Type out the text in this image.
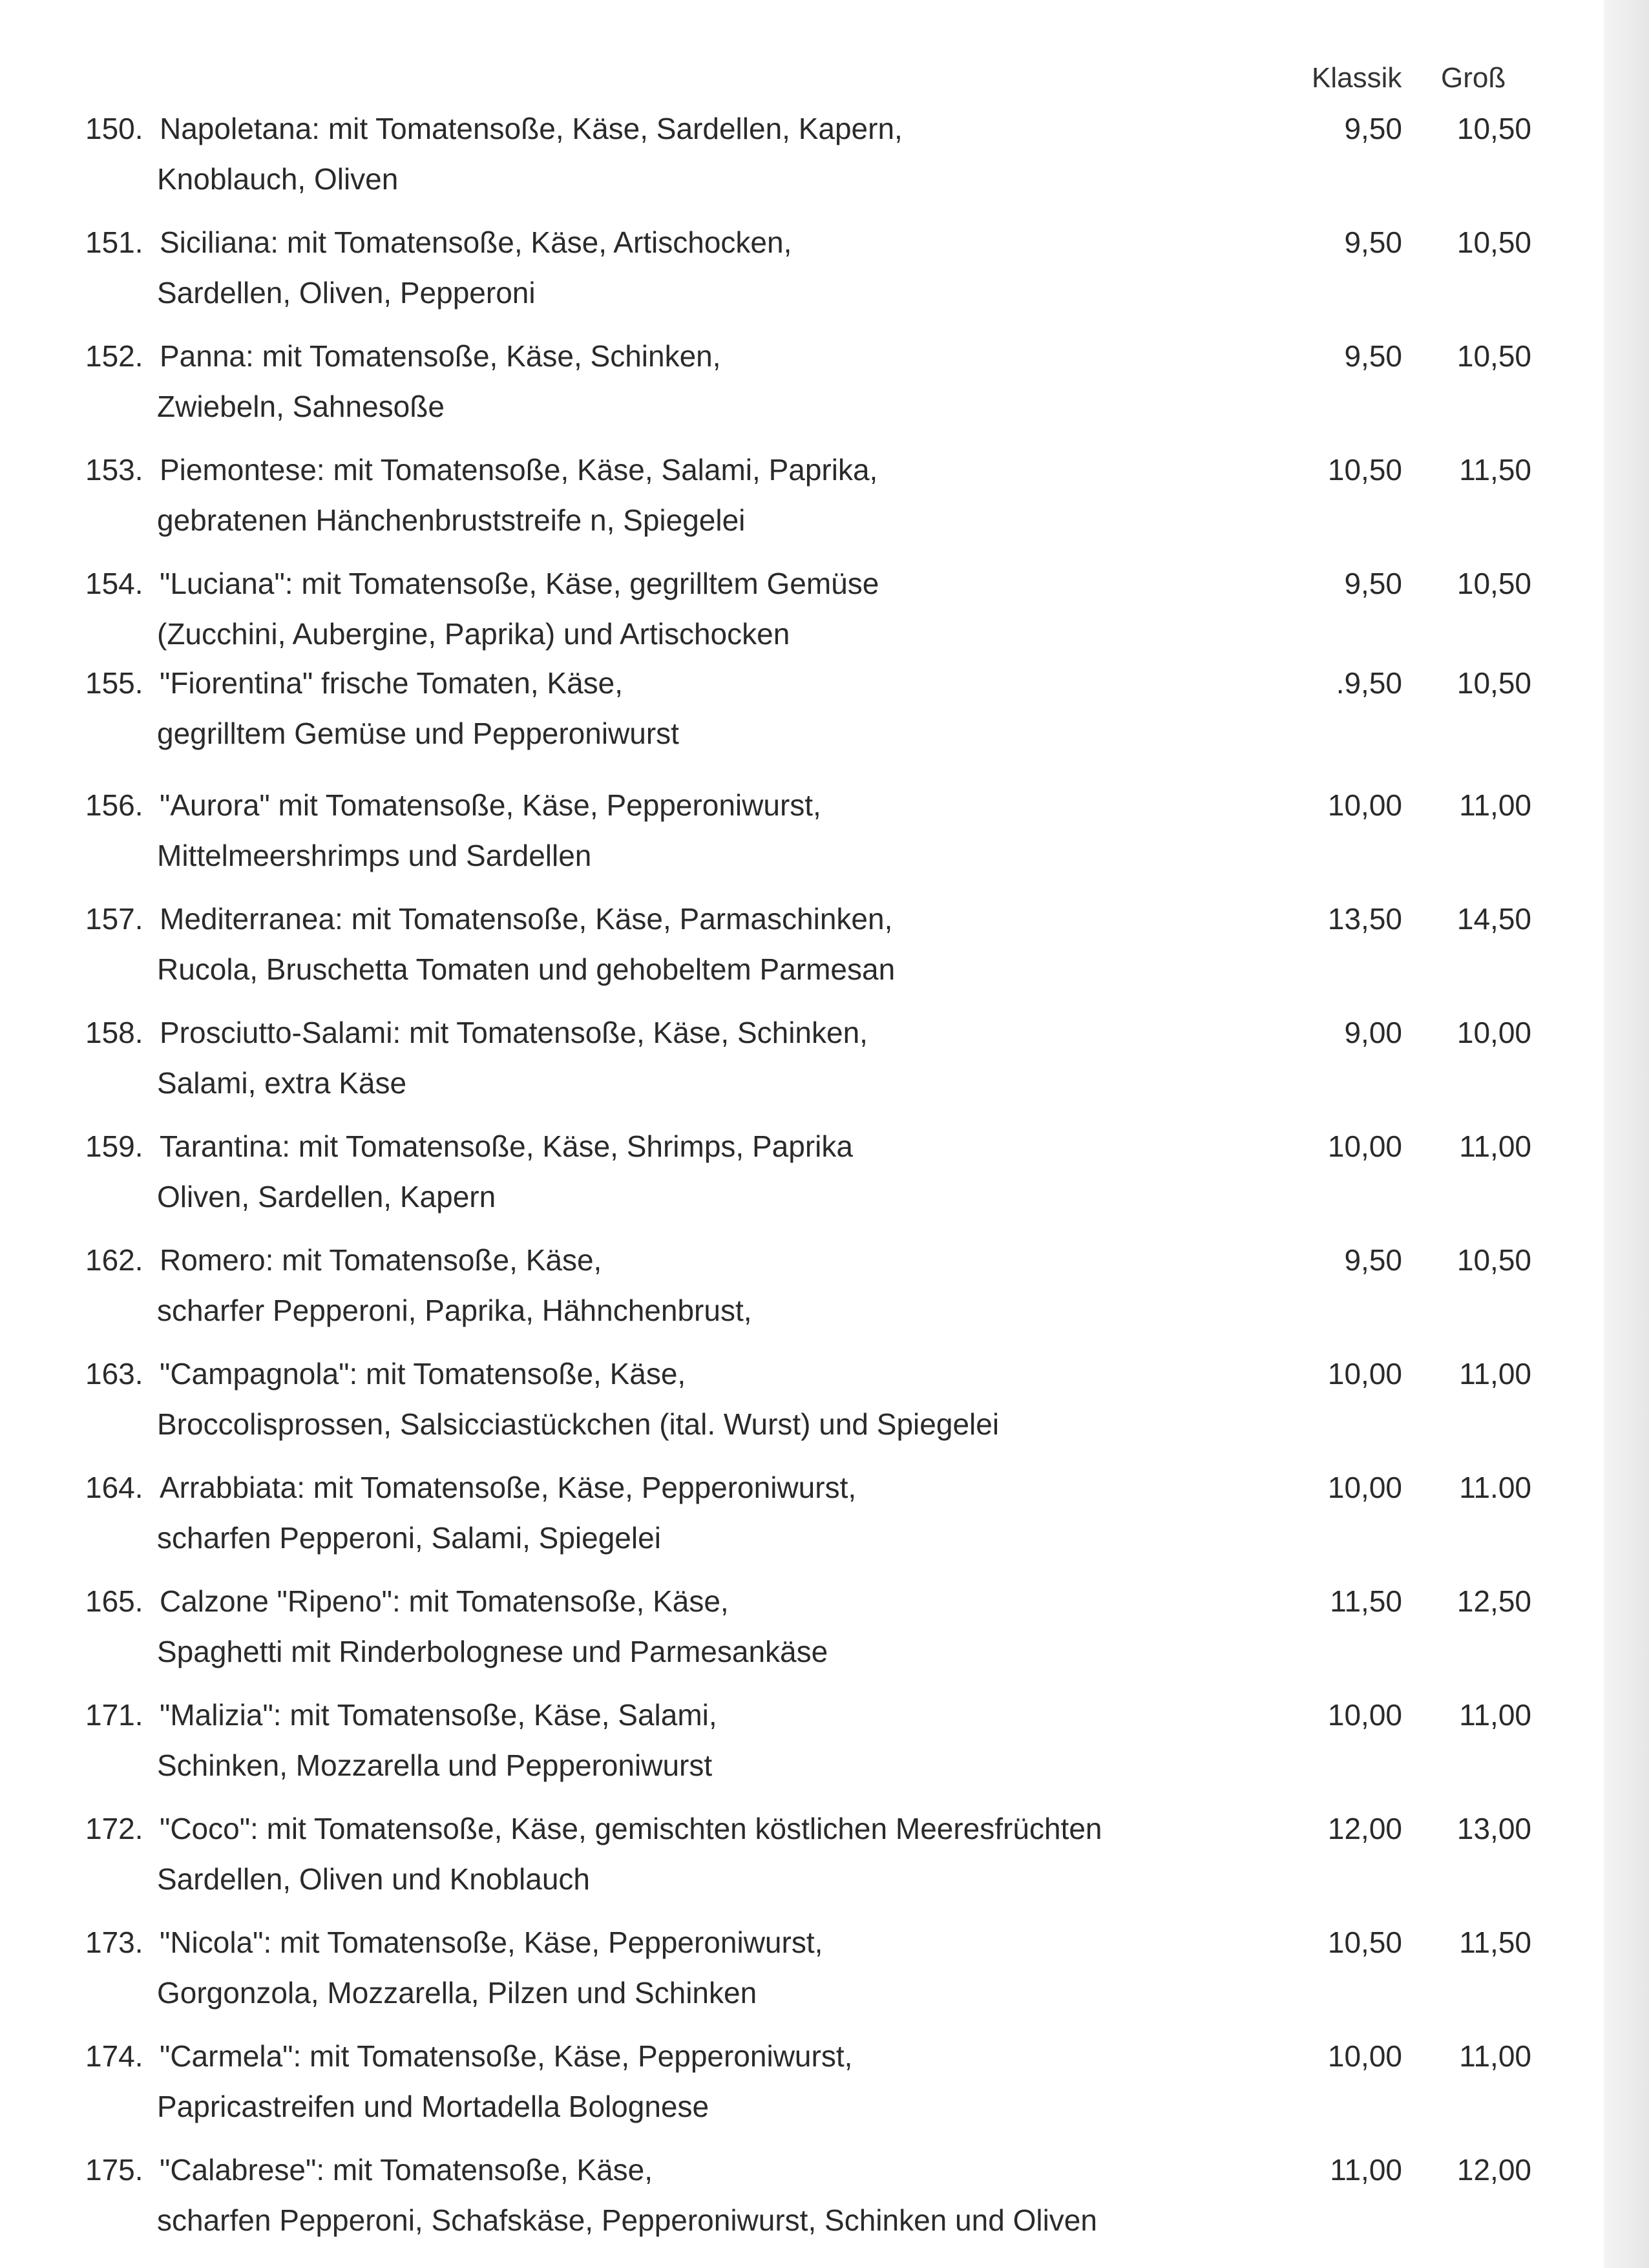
Klassik Groß
150. Napoletana: mit Tomatensoße, Käse, Sardellen, Kapern,
Knoblauch, Oliven
9,50	10,50
151. Siciliana: mit Tomatensoße, Käse, Artischocken,
Sardellen, Oliven, Pepperoni
9,50	10,50
152. Panna: mit Tomatensoße, Käse, Schinken,
Zwiebeln, Sahnesoße
9,50	10,50
153. Piemontese: mit Tomatensoße, Käse, Salami, Paprika,
gebratenen Hänchenbruststreife n, Spiegelei
10,50	11,50
154. "Luciana": mit Tomatensoße, Käse, gegrilltem Gemüse
(Zucchini, Aubergine, Paprika) und Artischocken
9,50	10,50
155. "Fiorentina" frische Tomaten, Käse,
gegrilltem Gemüse und Pepperoniwurst
.9,50	10,50
156. "Aurora" mit Tomatensoße, Käse, Pepperoniwurst,
Mittelmeershrimps und Sardellen
10,00	11,00
157. Mediterranea: mit Tomatensoße, Käse, Parmaschinken,
Rucola, Bruschetta Tomaten und gehobeltem Parmesan
13,50	14,50
158. Prosciutto-Salami: mit Tomatensoße, Käse, Schinken,
Salami, extra Käse
9,00	10,00
159. Tarantina: mit Tomatensoße, Käse, Shrimps, Paprika
Oliven, Sardellen, Kapern
10,00	11,00
162. Romero: mit Tomatensoße, Käse,
scharfer Pepperoni, Paprika, Hähnchenbrust,
9,50	10,50
163. "Campagnola": mit Tomatensoße, Käse,
Broccolisprossen, Salsicciastückchen (ital. Wurst) und Spiegelei
10,00	11,00
164. Arrabbiata: mit Tomatensoße, Käse, Pepperoniwurst,
scharfen Pepperoni, Salami, Spiegelei
10,00	11.00
165. Calzone "Ripeno": mit Tomatensoße, Käse,
Spaghetti mit Rinderbolognese und Parmesankäse
11,50	12,50
171. "Malizia": mit Tomatensoße, Käse, Salami,
Schinken, Mozzarella und Pepperoniwurst
10,00	11,00
172. "Coco": mit Tomatensoße, Käse, gemischten köstlichen Meeresfrüchten
Sardellen, Oliven und Knoblauch
12,00	13,00
173. "Nicola": mit Tomatensoße, Käse, Pepperoniwurst,
Gorgonzola, Mozzarella, Pilzen und Schinken
10,50	11,50
174. "Carmela": mit Tomatensoße, Käse, Pepperoniwurst,
Papricastreifen und Mortadella Bolognese
10,00	11,00
175. "Calabrese": mit Tomatensoße, Käse,
scharfen Pepperoni, Schafskäse, Pepperoniwurst, Schinken und Oliven
11,00	12,00
